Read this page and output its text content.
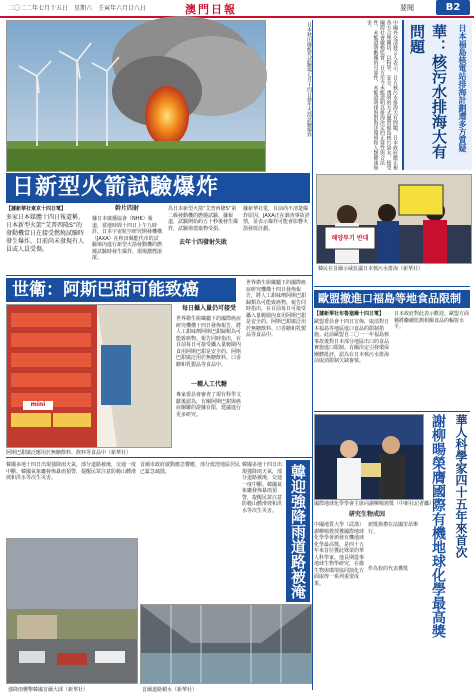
二〇二二年七月十五日　星期六　壬寅年六月廿八日	澳門日報	要聞	B2
日本秋田縣能代試驗場七月十四日發生火箭試驗爆炸
日新型火箭試驗爆炸
【據新華社東京十四日電】
多家日本媒體十四日報道稱，日本新型火箭“艾普西隆S”的發動機當日在接受燃燒試驗時發生爆炸，目前尚未發現有人員或人員受傷。
幹片四射
據日本廣播協會（NHK）報道，當地時間十四日上午九時許，日本宇宙航空研究開發機構（JAXA）在秋田縣能代市的試驗場內進行新型火箭發動機的燃燒試驗時發生爆炸，現場濃煙滾滾。
為日本新型火箭“艾普西隆S”第二級發動機的燃燒試驗。據報道，試驗開始約五十秒後發生爆炸，試驗場建築物受損。
去年十四發射失敗
據新華社電，目前尚不清楚爆炸原因，JAXA正在調查事故詳情，並表示爆炸可能會影響火箭發射計劃。
中國外交部發言人表示，日方核污水排海大有問題，日本政府應正視各方合理關切，以科學、安全、透明的方式處置福島核污染水，接受國際社會嚴格監督。日方至今未能證明其排海決定的正當性與合法性，未能證明數據的可靠性，未能證明排海對海洋環境和人類健康無害。	日本福島核電站排海計劃遭多方質疑
華：核污水排海大有問題
해양투기 반대
韓民在首爾示威抗議日本核污水排海（新華社）
世衛：阿斯巴甜可能致癌
mini
阿斯巴甜廣泛應用於無糖飲料、飲料等食品中（新華社）
每日攝入量仍可接受
世界衛生組織屬下的國際癌症研究機構十四日發佈報告，將人工甜味劑阿斯巴甜歸類為可能致癌物。報告同時指出，在目前每日可接受攝入量範圍內食用阿斯巴甜是安全的。阿斯巴甜廣泛用於無糖飲料、口香糖和乳製品等食品中。
一種人工代糖
專家委員會審查了現有科學文獻後認為，有關阿斯巴甜與癌症關聯的證據有限，建議進行更多研究。
世界衛生組織屬下的國際癌症研究機構十四日發佈報告，將人工甜味劑阿斯巴甜歸類為可能致癌物。報告同時指出，在目前每日可接受攝入量範圍內食用阿斯巴甜是安全的。阿斯巴甜廣泛用於無糖飲料、口香糖和乳製品等食品中。
歐盟撤進口福島等地食品限制
【據新華社布魯塞爾十四日電】
歐盟委員會十四日宣佈，取消對日本福島等地區進口食品的限制措施。此前歐盟自二〇一一年福島核事故後對日本部分地區出口的食品實施進口限制。有關決定引發環保團體批評，認為在日本核污水排海前取消限制欠缺審慎。
日本政府對此表示歡迎。歐盟方面稱將繼續監測相關食品的輻射水平。
國際地球化學學會主席向謝柳暘頒獎（中新社記者攝）	華人科學家四十五年來首次
謝柳暘榮膺國際有機地球化學最高獎
研究生物成因
中國地質大學（武漢）謝柳暘教授獲國際地球化學學會頒發有機地球化學最高獎，是四十五年來首位獲此殊榮的華人科學家。他長期從事地球生物學研究，在微生物與環境協同演化方面取得一系列重要成果。
頒獎典禮在法國里昂舉行。
作為校的代表獲獎
韓國多地十四日出現強降雨天氣，部分道路被淹，交通一度中斷。韓國氣象廳發佈暴雨預警，提醒民眾注意防範山體滑坡和洪水等次生災害。
首爾市政府啟動應急響應，部分低窪地區居民已緊急疏散。	韓迎強降雨道路被淹
韓國多地十四日出現強降雨天氣，部分道路被淹，交通一度中斷。韓國氣象廳發佈暴雨預警，提醒民眾注意防範山體滑坡和洪水等次生災害。
強降雨襲擊韓國首爾大邱（新華社）	首爾道路積水（新華社）
